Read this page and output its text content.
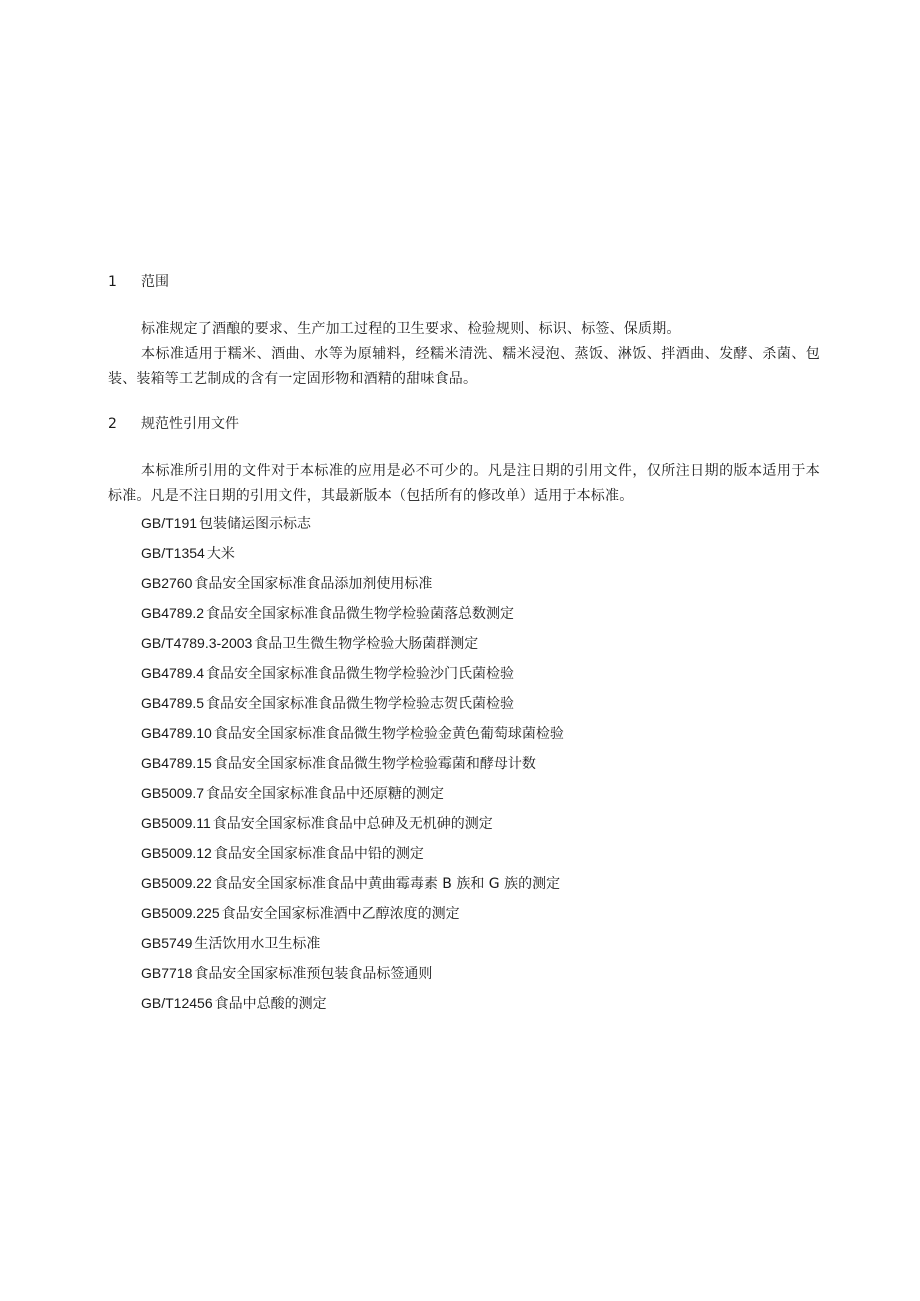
1	范围

标准规定了酒酿的要求、生产加工过程的卫生要求、检验规则、标识、标签、保质期。

本标准适用于糯米、酒曲、水等为原辅料，经糯米清洗、糯米浸泡、蒸饭、淋饭、拌酒曲、发酵、杀菌、包装、装箱等工艺制成的含有一定固形物和酒精的甜味食品。

2	规范性引用文件

本标准所引用的文件对于本标准的应用是必不可少的。凡是注日期的引用文件，仅所注日期的版本适用于本标准。凡是不注日期的引用文件，其最新版本（包括所有的修改单）适用于本标准。

GB/T191 包装储运图示标志
GB/T1354 大米
GB2760 食品安全国家标准食品添加剂使用标准
GB4789.2 食品安全国家标准食品微生物学检验菌落总数测定
GB/T4789.3-2003 食品卫生微生物学检验大肠菌群测定
GB4789.4 食品安全国家标准食品微生物学检验沙门氏菌检验
GB4789.5 食品安全国家标准食品微生物学检验志贺氏菌检验
GB4789.10 食品安全国家标准食品微生物学检验金黄色葡萄球菌检验
GB4789.15 食品安全国家标准食品微生物学检验霉菌和酵母计数
GB5009.7 食品安全国家标准食品中还原糖的测定
GB5009.11 食品安全国家标准食品中总砷及无机砷的测定
GB5009.12 食品安全国家标准食品中铅的测定
GB5009.22 食品安全国家标准食品中黄曲霉毒素 B 族和 G 族的测定
GB5009.225 食品安全国家标准酒中乙醇浓度的测定
GB5749 生活饮用水卫生标准
GB7718 食品安全国家标准预包装食品标签通则
GB/T12456 食品中总酸的测定
